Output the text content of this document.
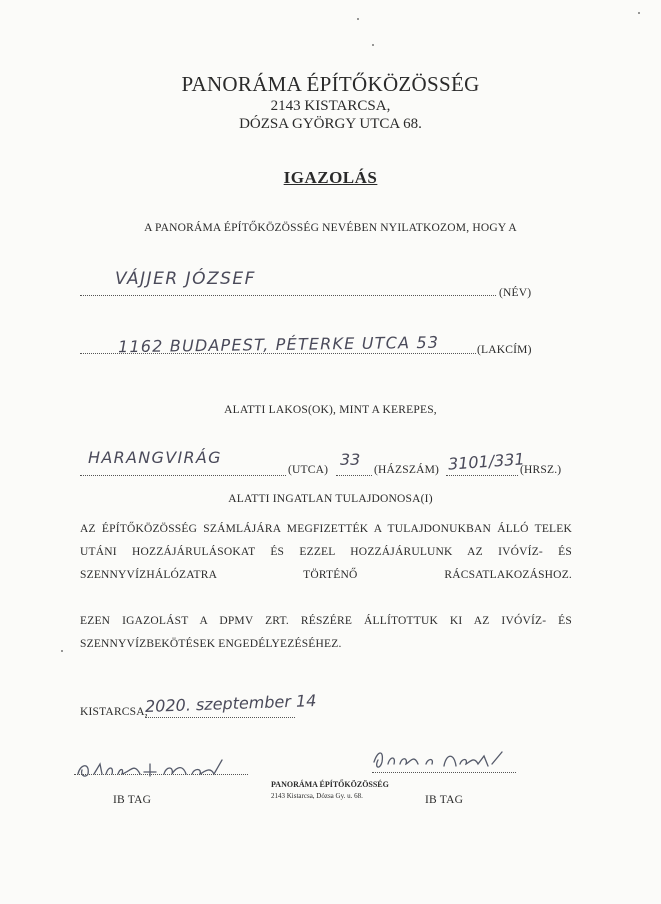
PANORÁMA ÉPÍTŐKÖZÖSSÉG
2143 KISTARCSA,
DÓZSA GYÖRGY UTCA 68.
IGAZOLÁS
A PANORÁMA ÉPÍTŐKÖZÖSSÉG NEVÉBEN NYILATKOZOM, HOGY A
VÁJJER JÓZSEF
(NÉV)
1162 BUDAPEST, PÉTERKE UTCA 53	(LAKCÍM)
ALATTI LAKOS(OK), MINT A KEREPES,
HARANGVIRÁG
(UTCA)
33
(HÁZSZÁM) 3101/331
(HRSZ.)
ALATTI INGATLAN TULAJDONOSA(I)
AZ ÉPÍTŐKÖZÖSSÉG SZÁMLÁJÁRA MEGFIZETTÉK A TULAJDONUKBAN ÁLLÓ TELEK UTÁNI HOZZÁJÁRULÁSOKAT ÉS EZZEL HOZZÁJÁRULUNK AZ IVÓVÍZ- ÉS SZENNYVÍZHÁLÓZATRA TÖRTÉNŐ RÁCSATLAKOZÁSHOZ.
EZEN IGAZOLÁST A DPMV ZRT. RÉSZÉRE ÁLLÍTOTTUK KI AZ IVÓVÍZ- ÉS SZENNYVÍZBEKÖTÉSEK ENGEDÉLYEZÉSÉHEZ.
KISTARCSA,
2020. szeptember 14
IB TAG	IB TAG
PANORÁMA ÉPÍTŐKÖZÖSSÉG
2143 Kistarcsa, Dózsa Gy. u. 68.
